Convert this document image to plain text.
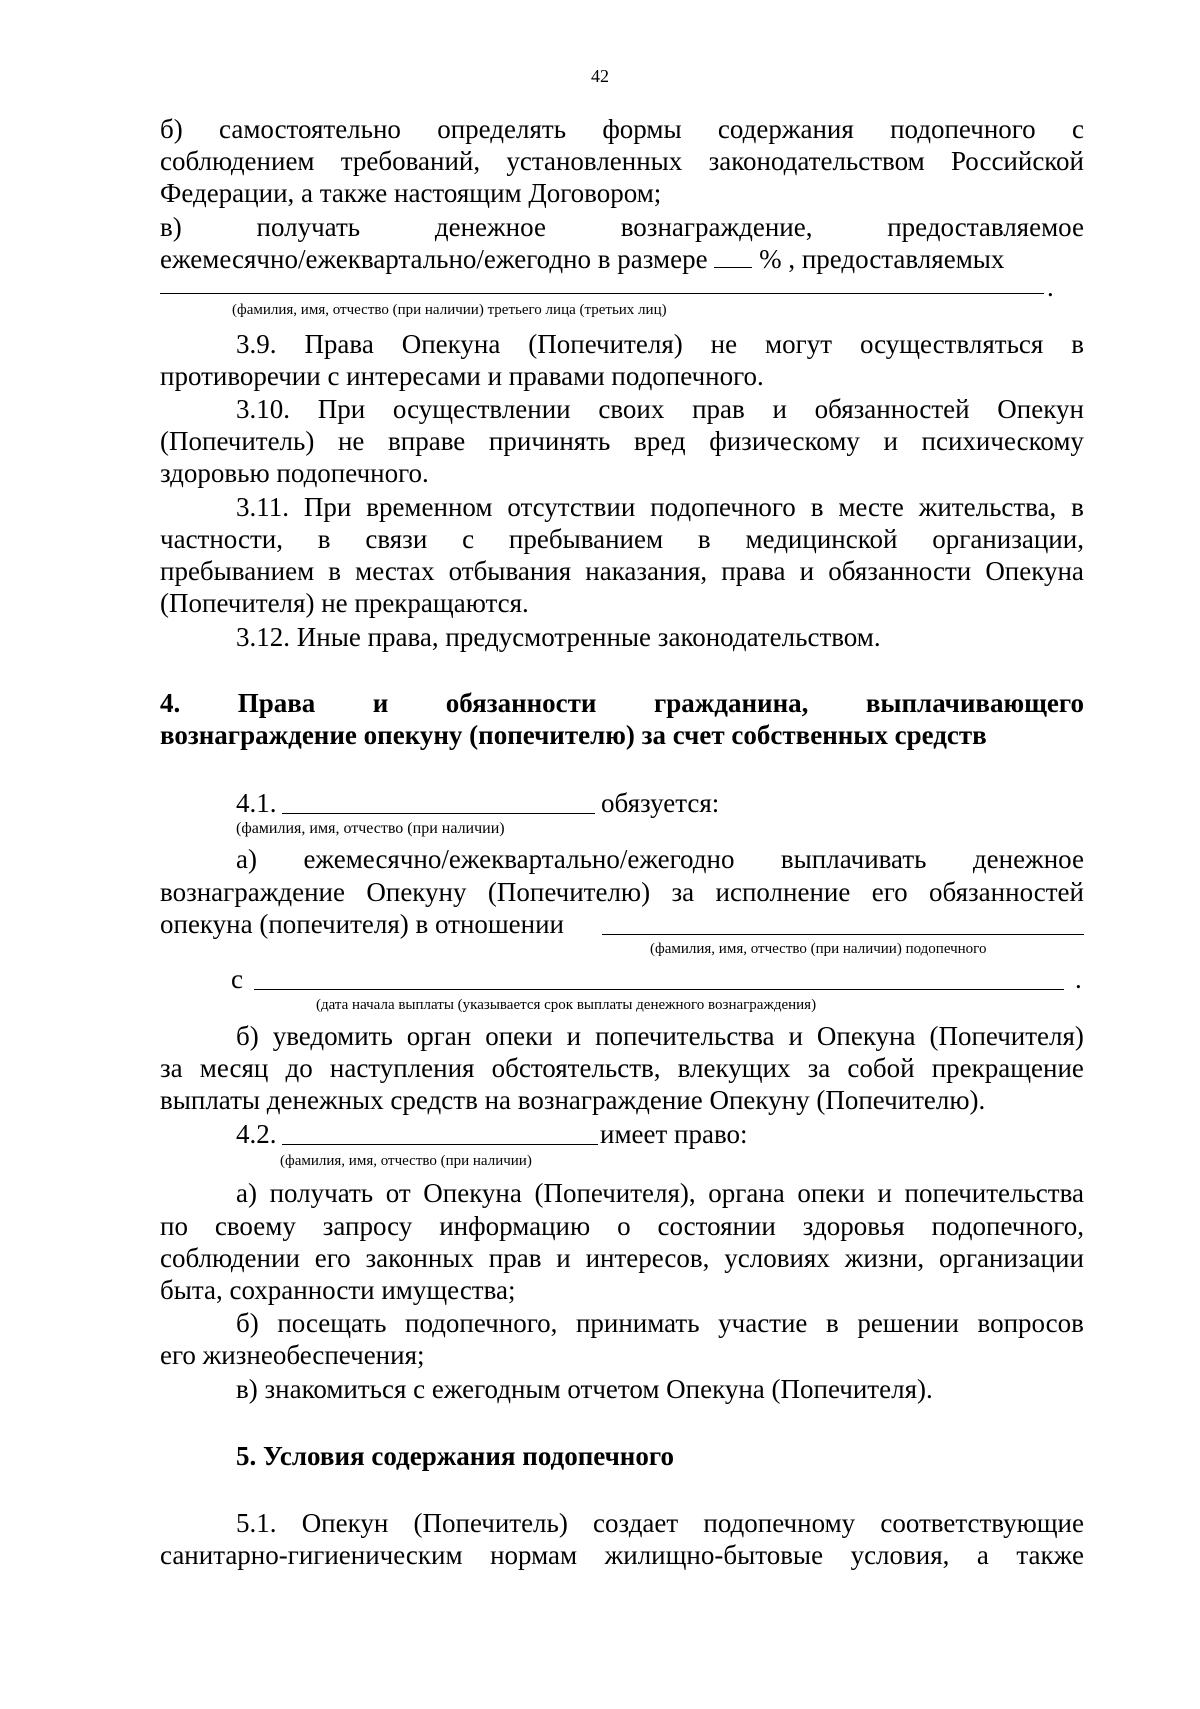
42
б) самостоятельно определять формы содержания подопечного с
соблюдением требований, установленных законодательством Российской
Федерации, а также настоящим Договором;
в)	получать	денежное	вознаграждение,	предоставляемое
ежемесячно/ежеквартально/ежегодно в размере % , предоставляемых
.
(фамилия, имя, отчество (при наличии) третьего лица (третьих лиц)
3.9. Права Опекуна (Попечителя) не могут осуществляться в
противоречии с интересами и правами подопечного.
3.10. При осуществлении своих прав и обязанностей Опекун
(Попечитель) не вправе причинять вред физическому и психическому
здоровью подопечного.
3.11. При временном отсутствии подопечного в месте жительства, в
частности, в связи с пребыванием в медицинской организации,
пребыванием в местах отбывания наказания, права и обязанности Опекуна
(Попечителя) не прекращаются.
3.12. Иные права, предусмотренные законодательством.
4. Права и обязанности гражданина, выплачивающего
вознаграждение опекуну (попечителю) за счет собственных средств
4.1.	обязуется:
(фамилия, имя, отчество (при наличии)
а) ежемесячно/ежеквартально/ежегодно выплачивать денежное
вознаграждение Опекуну (Попечителю) за исполнение его обязанностей
опекуна (попечителя) в отношении
(фамилия, имя, отчество (при наличии) подопечного
с	.
(дата начала выплаты (указывается срок выплаты денежного вознаграждения)
б) уведомить орган опеки и попечительства и Опекуна (Попечителя)
за месяц до наступления обстоятельств, влекущих за собой прекращение
выплаты денежных средств на вознаграждение Опекуну (Попечителю).
4.2.	имеет право:
(фамилия, имя, отчество (при наличии)
а) получать от Опекуна (Попечителя), органа опеки и попечительства
по своему запросу информацию о состоянии здоровья подопечного,
соблюдении его законных прав и интересов, условиях жизни, организации
быта, сохранности имущества;
б) посещать подопечного, принимать участие в решении вопросов
его жизнеобеспечения;
в) знакомиться с ежегодным отчетом Опекуна (Попечителя).
5. Условия содержания подопечного
5.1. Опекун (Попечитель) создает подопечному соответствующие
санитарно-гигиеническим нормам жилищно-бытовые условия, а также
